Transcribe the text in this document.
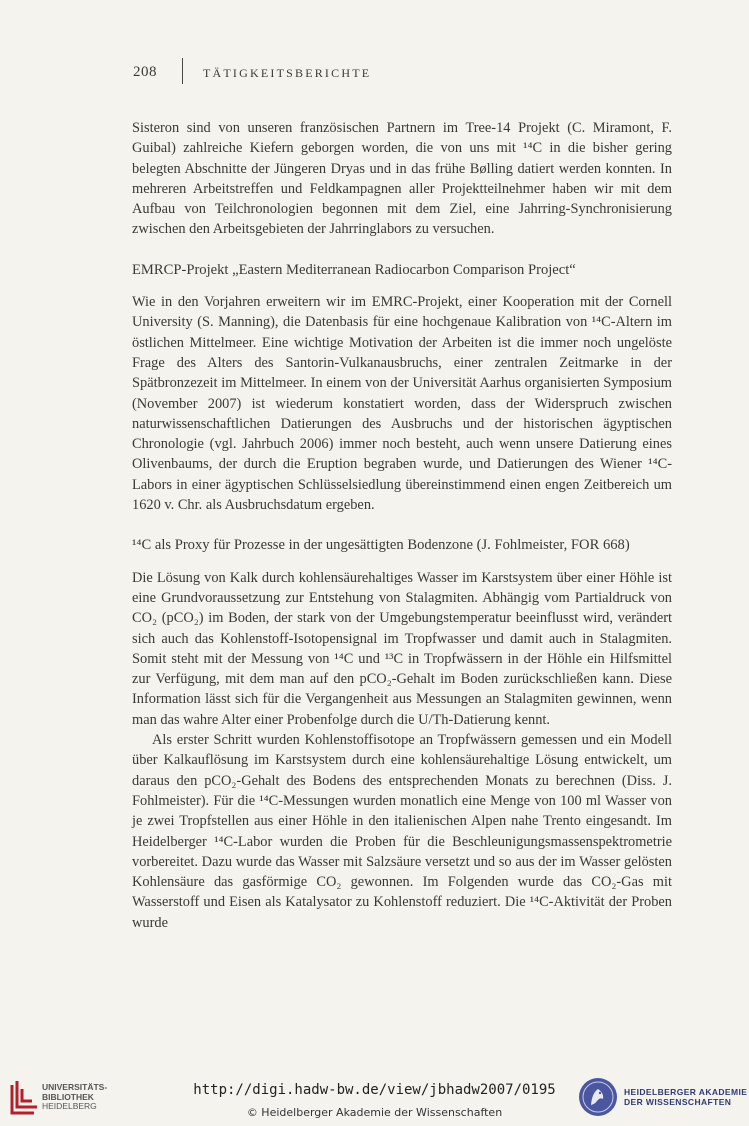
208	TÄTIGKEITSBERICHTE

Sisteron sind von unseren französischen Partnern im Tree-14 Projekt (C. Miramont, F. Guibal) zahlreiche Kiefern geborgen worden, die von uns mit ¹⁴C in die bisher gering belegten Abschnitte der Jüngeren Dryas und in das frühe Bølling datiert werden konnten. In mehreren Arbeitstreffen und Feldkampagnen aller Projektteilnehmer haben wir mit dem Aufbau von Teilchronologien begonnen mit dem Ziel, eine Jahrring-Synchronisierung zwischen den Arbeitsgebieten der Jahrringlabors zu versuchen.

EMRCP-Projekt „Eastern Mediterranean Radiocarbon Comparison Project“

Wie in den Vorjahren erweitern wir im EMRC-Projekt, einer Kooperation mit der Cornell University (S. Manning), die Datenbasis für eine hochgenaue Kalibration von ¹⁴C-Altern im östlichen Mittelmeer. Eine wichtige Motivation der Arbeiten ist die immer noch ungelöste Frage des Alters des Santorin-Vulkanausbruchs, einer zentralen Zeitmarke in der Spätbronzezeit im Mittelmeer. In einem von der Universität Aarhus organisierten Symposium (November 2007) ist wiederum konstatiert worden, dass der Widerspruch zwischen naturwissenschaftlichen Datierungen des Ausbruchs und der historischen ägyptischen Chronologie (vgl. Jahrbuch 2006) immer noch besteht, auch wenn unsere Datierung eines Olivenbaums, der durch die Eruption begraben wurde, und Datierungen des Wiener ¹⁴C-Labors in einer ägyptischen Schlüsselsiedlung übereinstimmend einen engen Zeitbereich um 1620 v. Chr. als Ausbruchsdatum ergeben.

¹⁴C als Proxy für Prozesse in der ungesättigten Bodenzone (J. Fohlmeister, FOR 668)

Die Lösung von Kalk durch kohlensäurehaltiges Wasser im Karstsystem über einer Höhle ist eine Grundvoraussetzung zur Entstehung von Stalagmiten. Abhängig vom Partialdruck von CO₂ (pCO₂) im Boden, der stark von der Umgebungstemperatur beeinflusst wird, verändert sich auch das Kohlenstoff-Isotopensignal im Tropfwasser und damit auch in Stalagmiten. Somit steht mit der Messung von ¹⁴C und ¹³C in Tropfwässern in der Höhle ein Hilfsmittel zur Verfügung, mit dem man auf den pCO₂-Gehalt im Boden zurückschließen kann. Diese Information lässt sich für die Vergangenheit aus Messungen an Stalagmiten gewinnen, wenn man das wahre Alter einer Probenfolge durch die U/Th-Datierung kennt.

Als erster Schritt wurden Kohlenstoffisotope an Tropfwässern gemessen und ein Modell über Kalkauflösung im Karstsystem durch eine kohlensäurehaltige Lösung entwickelt, um daraus den pCO₂-Gehalt des Bodens des entsprechenden Monats zu berechnen (Diss. J. Fohlmeister). Für die ¹⁴C-Messungen wurden monatlich eine Menge von 100 ml Wasser von je zwei Tropfstellen aus einer Höhle in den italienischen Alpen nahe Trento eingesandt. Im Heidelberger ¹⁴C-Labor wurden die Proben für die Beschleunigungsmassenspektrometrie vorbereitet. Dazu wurde das Wasser mit Salzsäure versetzt und so aus der im Wasser gelösten Kohlensäure das gasförmige CO₂ gewonnen. Im Folgenden wurde das CO₂-Gas mit Wasserstoff und Eisen als Katalysator zu Kohlenstoff reduziert. Die ¹⁴C-Aktivität der Proben wurde

UNIVERSITÄTS-
BIBLIOTHEK
HEIDELBERG
http://digi.hadw-bw.de/view/jbhadw2007/0195
© Heidelberger Akademie der Wissenschaften
HEIDELBERGER AKADEMIE
DER WISSENSCHAFTEN
